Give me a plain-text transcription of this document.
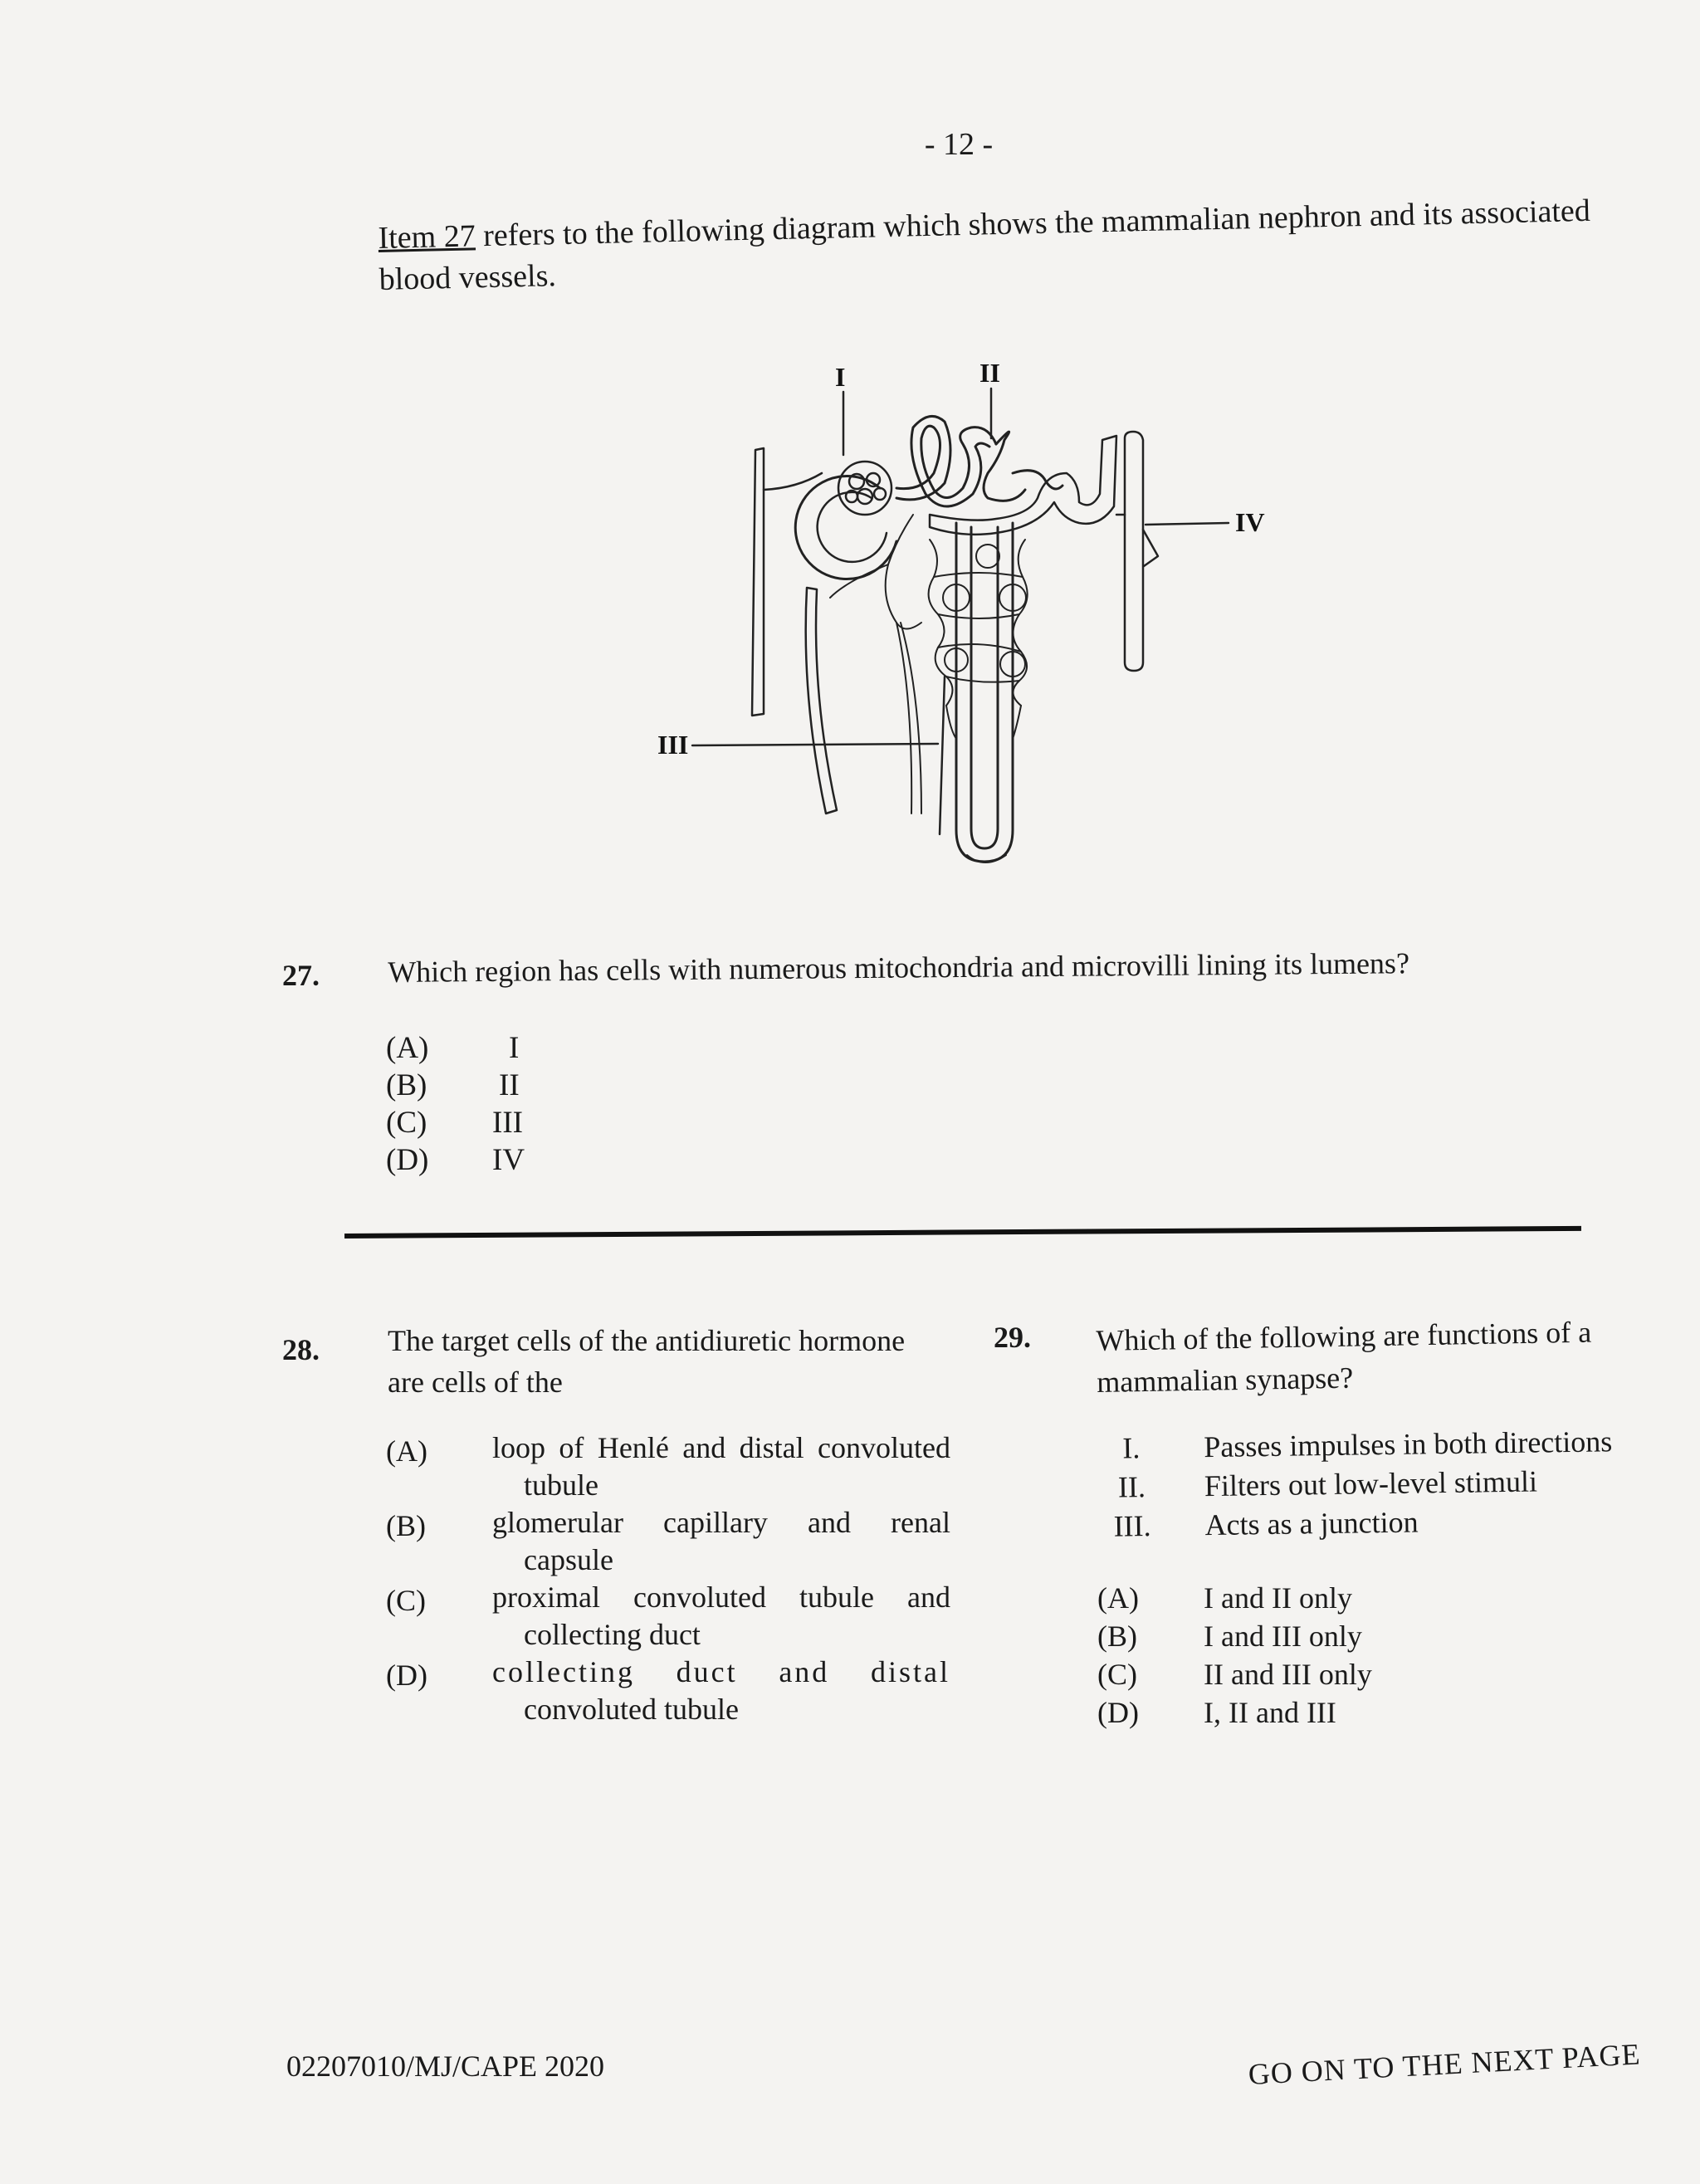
- 12 -
Item 27 refers to the following diagram which shows the mammalian nephron and its associated blood vessels.
I	II
III
IV
27. Which region has cells with numerous mitochondria and microvilli lining its lumens?
(A)	I
(B)	II
(C)	III
(D)	IV
28. The target cells of the antidiuretic hormone
are cells of the
(A)	loop of Henlé and distal convoluted
tubule
(B)	glomerular capillary and renal
capsule
(C)	proximal convoluted tubule and
collecting duct
(D)	collecting duct and distal
convoluted tubule
29. Which of the following are functions of a
mammalian synapse?
I.	Passes impulses in both directions
II.	Filters out low-level stimuli
III.	Acts as a junction
(A)	I and II only
(B)	I and III only
(C)	II and III only
(D)	I, II and III
02207010/MJ/CAPE 2020	GO ON TO THE NEXT PAGE
